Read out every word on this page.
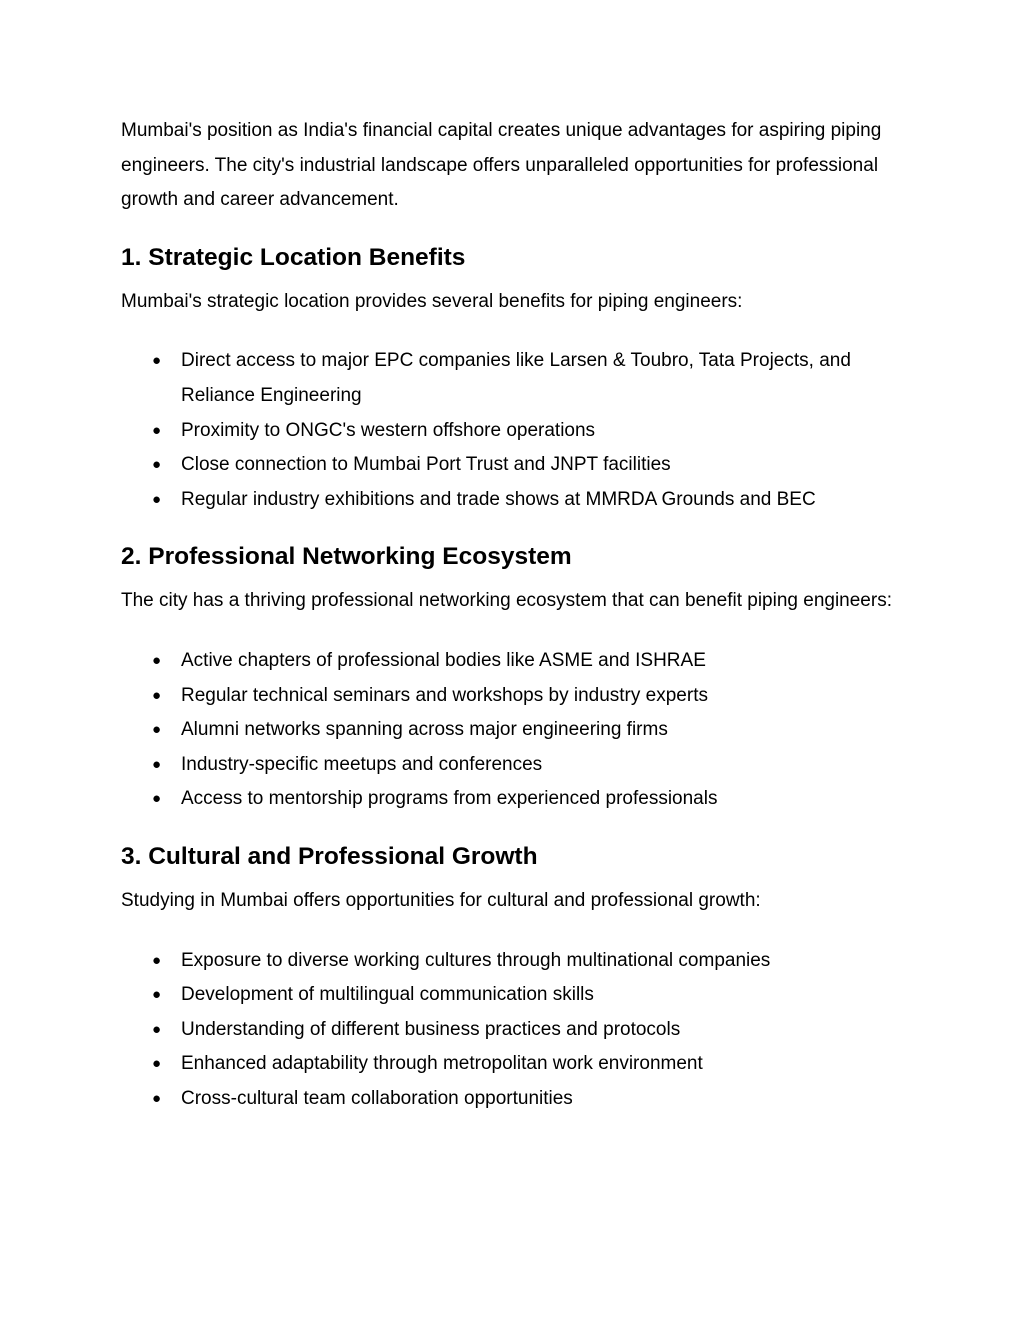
Mumbai's position as India's financial capital creates unique advantages for aspiring piping engineers. The city's industrial landscape offers unparalleled opportunities for professional growth and career advancement.

1. Strategic Location Benefits

Mumbai's strategic location provides several benefits for piping engineers:

● Direct access to major EPC companies like Larsen & Toubro, Tata Projects, and Reliance Engineering
● Proximity to ONGC's western offshore operations
● Close connection to Mumbai Port Trust and JNPT facilities
● Regular industry exhibitions and trade shows at MMRDA Grounds and BEC
2. Professional Networking Ecosystem

The city has a thriving professional networking ecosystem that can benefit piping engineers:

● Active chapters of professional bodies like ASME and ISHRAE
● Regular technical seminars and workshops by industry experts
● Alumni networks spanning across major engineering firms
● Industry-specific meetups and conferences
● Access to mentorship programs from experienced professionals
3. Cultural and Professional Growth

Studying in Mumbai offers opportunities for cultural and professional growth:

● Exposure to diverse working cultures through multinational companies
● Development of multilingual communication skills
● Understanding of different business practices and protocols
● Enhanced adaptability through metropolitan work environment
● Cross-cultural team collaboration opportunities
